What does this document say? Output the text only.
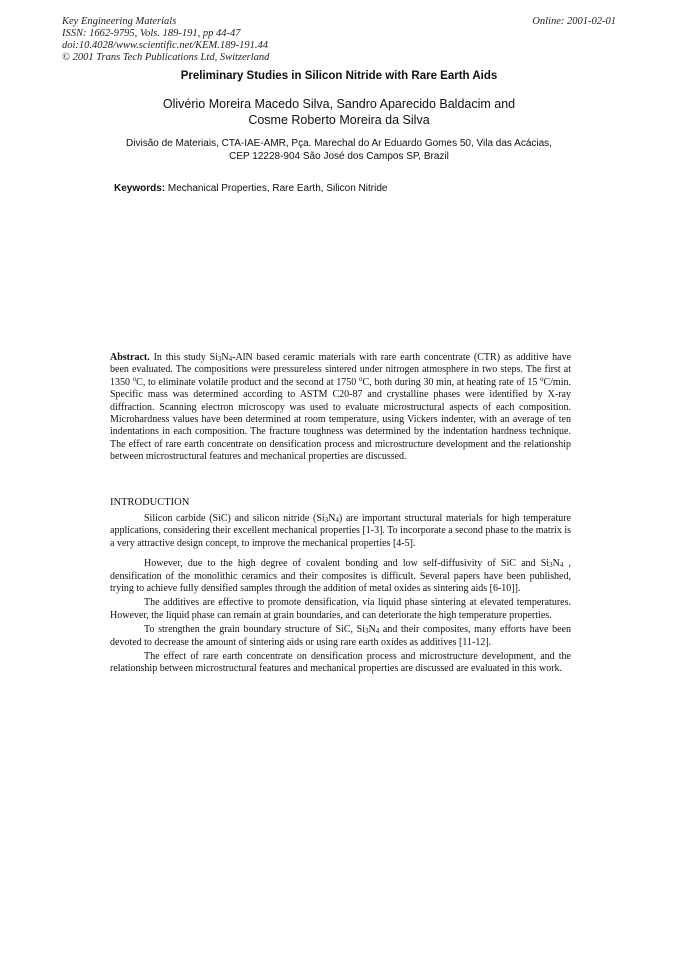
Key Engineering Materials
ISSN: 1662-9795, Vols. 189-191, pp 44-47
doi:10.4028/www.scientific.net/KEM.189-191.44
© 2001 Trans Tech Publications Ltd, Switzerland
Online: 2001-02-01
Preliminary Studies in Silicon Nitride with Rare Earth Aids
Olivério Moreira Macedo Silva, Sandro Aparecido Baldacim and
Cosme Roberto Moreira da Silva
Divisão de Materiais, CTA-IAE-AMR, Pça. Marechal do Ar Eduardo Gomes 50, Vila das Acácias,
CEP 12228-904 São José dos Campos SP, Brazil
Keywords: Mechanical Properties, Rare Earth, Silicon Nitride
Abstract. In this study $Si_3N_4$-AlN based ceramic materials with rare earth concentrate (CTR) as additive have been evaluated. The compositions were pressureless sintered under nitrogen atmosphere in two steps. The first at 1350 $^o$C, to eliminate volatile product and the second at 1750 $^o$C, both during 30 min, at heating rate of 15 $^o$C/min. Specific mass was determined according to ASTM C20-87 and crystalline phases were identified by X-ray diffraction. Scanning electron microscopy was used to evaluate microstructural aspects of each composition. Microhardness values have been determined at room temperature, using Vickers indenter, with an average of ten indentations in each composition. The fracture toughness was determined by the indentation hardness technique. The effect of rare earth concentrate on densification process and microstructure development and the relationship between microstructural features and mechanical properties are discussed.
INTRODUCTION

Silicon carbide (SiC) and silicon nitride $(Si_3N_4)$ are important structural materials for high temperature applications, considering their excellent mechanical properties [1-3]. To incorporate a second phase to the matrix is a very attractive design concept, to improve the mechanical properties [4-5].

However, due to the high degree of covalent bonding and low self-diffusivity of SiC and $Si_3N_4$ , densification of the monolithic ceramics and their composites is difficult. Several papers have been published, trying to achieve fully densified samples through the addition of metal oxides as sintering aids [6-10]].

The additives are effective to promote densification, via liquid phase sintering at elevated temperatures. However, the liquid phase can remain at grain boundaries, and can deteriorate the high temperature properties.

To strengthen the grain boundary structure of SiC, $Si_3N_4$ and their composites, many efforts have been devoted to decrease the amount of sintering aids or using rare earth oxides as additives [11-12].

The effect of rare earth concentrate on densification process and microstructure development, and the relationship between microstructural features and mechanical properties are discussed are evaluated in this work.
